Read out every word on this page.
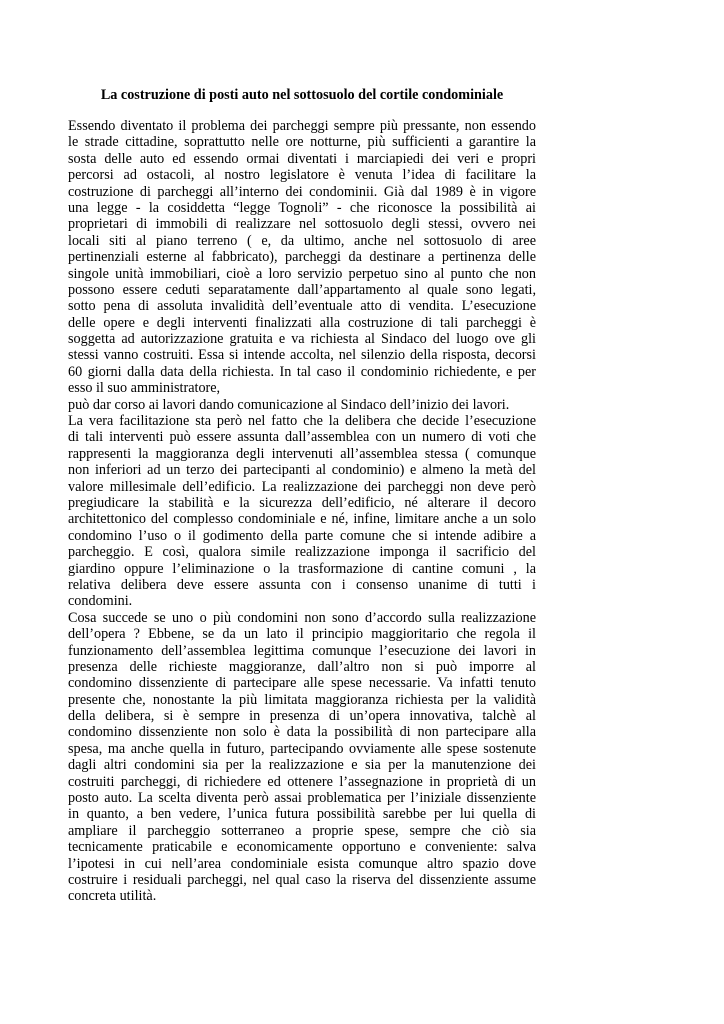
La costruzione di posti auto nel sottosuolo del cortile condominiale
Essendo diventato il problema dei parcheggi sempre più pressante, non essendo
le strade cittadine, soprattutto nelle ore notturne, più sufficienti a garantire la
sosta delle auto ed essendo ormai diventati i marciapiedi dei veri e propri
percorsi ad ostacoli, al nostro legislatore è venuta l’idea di facilitare la
costruzione di parcheggi all’interno dei condominii. Già dal 1989 è in vigore
una legge - la cosiddetta “legge Tognoli” - che riconosce la possibilità ai
proprietari di immobili di realizzare nel sottosuolo degli stessi, ovvero nei
locali siti al piano terreno ( e, da ultimo, anche nel sottosuolo di aree
pertinenziali esterne al fabbricato), parcheggi da destinare a pertinenza delle
singole unità immobiliari, cioè a loro servizio perpetuo sino al punto che non
possono essere ceduti separatamente dall’appartamento al quale sono legati,
sotto pena di assoluta invalidità dell’eventuale atto di vendita. L’esecuzione
delle opere e degli interventi finalizzati alla costruzione di tali parcheggi è
soggetta ad autorizzazione gratuita e va richiesta al Sindaco del luogo ove gli
stessi vanno costruiti. Essa si intende accolta, nel silenzio della risposta, decorsi
60 giorni dalla data della richiesta. In tal caso il condominio richiedente, e per
esso il suo amministratore,
può dar corso ai lavori dando comunicazione al Sindaco dell’inizio dei lavori.
La vera facilitazione sta però nel fatto che la delibera che decide l’esecuzione
di tali interventi può essere assunta dall’assemblea con un numero di voti che
rappresenti la maggioranza degli intervenuti all’assemblea stessa ( comunque
non inferiori ad un terzo dei partecipanti al condominio) e almeno la metà del
valore millesimale dell’edificio. La realizzazione dei parcheggi non deve però
pregiudicare la stabilità e la sicurezza dell’edificio, né alterare il decoro
architettonico del complesso condominiale e né, infine, limitare anche a un solo
condomino l’uso o il godimento della parte comune che si intende adibire a
parcheggio. E così, qualora simile realizzazione imponga il sacrificio del
giardino oppure l’eliminazione o la trasformazione di cantine comuni , la
relativa delibera deve essere assunta con i consenso unanime di tutti i
condomini.
Cosa succede se uno o più condomini non sono d’accordo sulla realizzazione
dell’opera ? Ebbene, se da un lato il principio maggioritario che regola il
funzionamento dell’assemblea legittima comunque l’esecuzione dei lavori in
presenza delle richieste maggioranze, dall’altro non si può imporre al
condomino dissenziente di partecipare alle spese necessarie. Va infatti tenuto
presente che, nonostante la più limitata maggioranza richiesta per la validità
della delibera, si è sempre in presenza di un’opera innovativa, talchè al
condomino dissenziente non solo è data la possibilità di non partecipare alla
spesa, ma anche quella in futuro, partecipando ovviamente alle spese sostenute
dagli altri condomini sia per la realizzazione e sia per la manutenzione dei
costruiti parcheggi, di richiedere ed ottenere l’assegnazione in proprietà di un
posto auto. La scelta diventa però assai problematica per l’iniziale dissenziente
in quanto, a ben vedere, l’unica futura possibilità sarebbe per lui quella di
ampliare il parcheggio sotterraneo a proprie spese, sempre che ciò sia
tecnicamente praticabile e economicamente opportuno e conveniente: salva
l’ipotesi in cui nell’area condominiale esista comunque altro spazio dove
costruire i residuali parcheggi, nel qual caso la riserva del dissenziente assume
concreta utilità.
